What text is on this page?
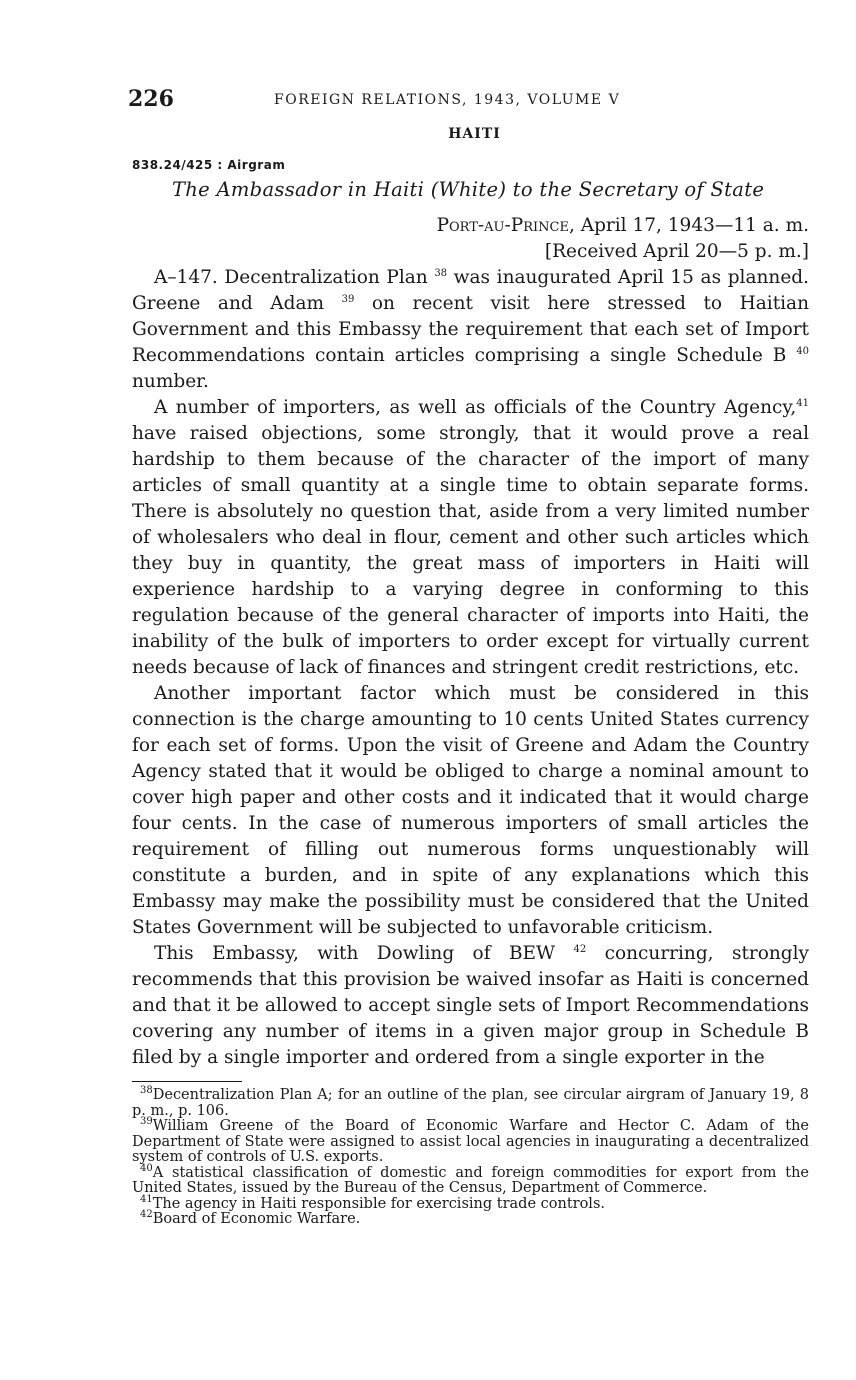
226	FOREIGN RELATIONS, 1943, VOLUME V
HAITI
838.24/425 : Airgram
The Ambassador in Haiti (White) to the Secretary of State
Port-au-Prince, April 17, 1943—11 a. m.
[Received April 20—5 p. m.]

A–147. Decentralization Plan $^{38}$ was inaugurated April 15 as planned. Greene and Adam $^{39}$ on recent visit here stressed to Haitian Government and this Embassy the requirement that each set of Import Recommendations contain articles comprising a single Schedule B $^{40}$ number.

A number of importers, as well as officials of the Country Agency,$^{41}$ have raised objections, some strongly, that it would prove a real hardship to them because of the character of the import of many articles of small quantity at a single time to obtain separate forms. There is absolutely no question that, aside from a very limited number of wholesalers who deal in flour, cement and other such articles which they buy in quantity, the great mass of importers in Haiti will experience hardship to a varying degree in conforming to this regulation because of the general character of imports into Haiti, the inability of the bulk of importers to order except for virtually current needs because of lack of finances and stringent credit restrictions, etc.

Another important factor which must be considered in this connection is the charge amounting to 10 cents United States currency for each set of forms. Upon the visit of Greene and Adam the Country Agency stated that it would be obliged to charge a nominal amount to cover high paper and other costs and it indicated that it would charge four cents. In the case of numerous importers of small articles the requirement of filling out numerous forms unquestionably will constitute a burden, and in spite of any explanations which this Embassy may make the possibility must be considered that the United States Government will be subjected to unfavorable criticism.

This Embassy, with Dowling of BEW $^{42}$ concurring, strongly recommends that this provision be waived insofar as Haiti is concerned and that it be allowed to accept single sets of Import Recommendations covering any number of items in a given major group in Schedule B filed by a single importer and ordered from a single exporter in the

$^{38}$Decentralization Plan A; for an outline of the plan, see circular airgram of January 19, 8 p. m., p. 106.

$^{39}$William Greene of the Board of Economic Warfare and Hector C. Adam of the Department of State were assigned to assist local agencies in inaugurating a decentralized system of controls of U.S. exports.

$^{40}$A statistical classification of domestic and foreign commodities for export from the United States, issued by the Bureau of the Census, Department of Commerce.

$^{41}$The agency in Haiti responsible for exercising trade controls.

$^{42}$Board of Economic Warfare.
